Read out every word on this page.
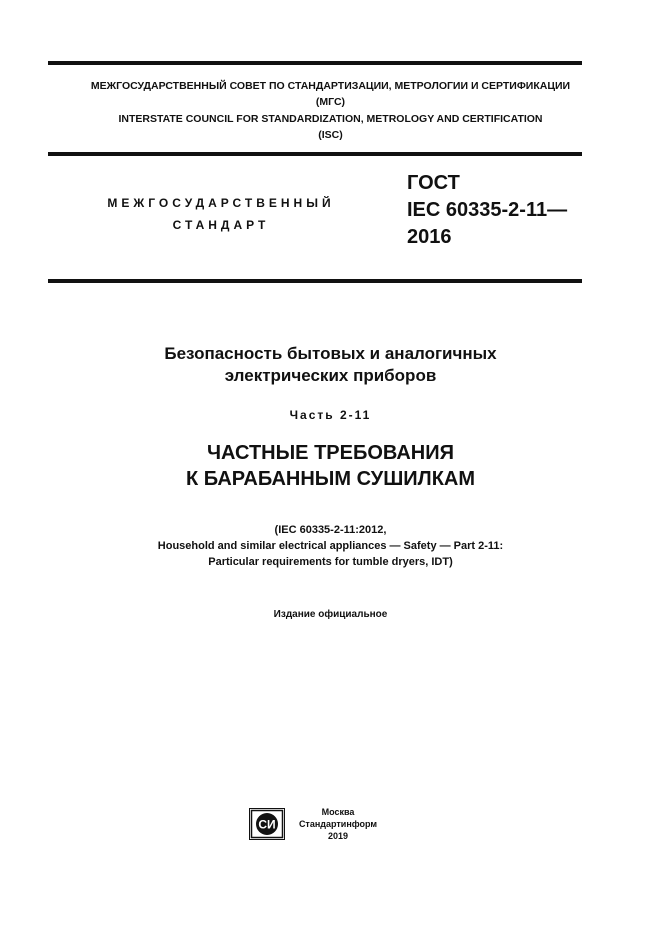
МЕЖГОСУДАРСТВЕННЫЙ СОВЕТ ПО СТАНДАРТИЗАЦИИ, МЕТРОЛОГИИ И СЕРТИФИКАЦИИ
(МГС)
INTERSTATE COUNCIL FOR STANDARDIZATION, METROLOGY AND CERTIFICATION
(ISC)
МЕЖГОСУДАРСТВЕННЫЙ
СТАНДАРТ
ГОСТ
IEC 60335-2-11—
2016
Безопасность бытовых и аналогичных
электрических приборов
Часть 2-11
ЧАСТНЫЕ ТРЕБОВАНИЯ
К БАРАБАННЫМ СУШИЛКАМ
(IEC 60335-2-11:2012,
Household and similar electrical appliances — Safety — Part 2-11:
Particular requirements for tumble dryers, IDT)
Издание официальное
СИ
Москва
Стандартинформ
2019
